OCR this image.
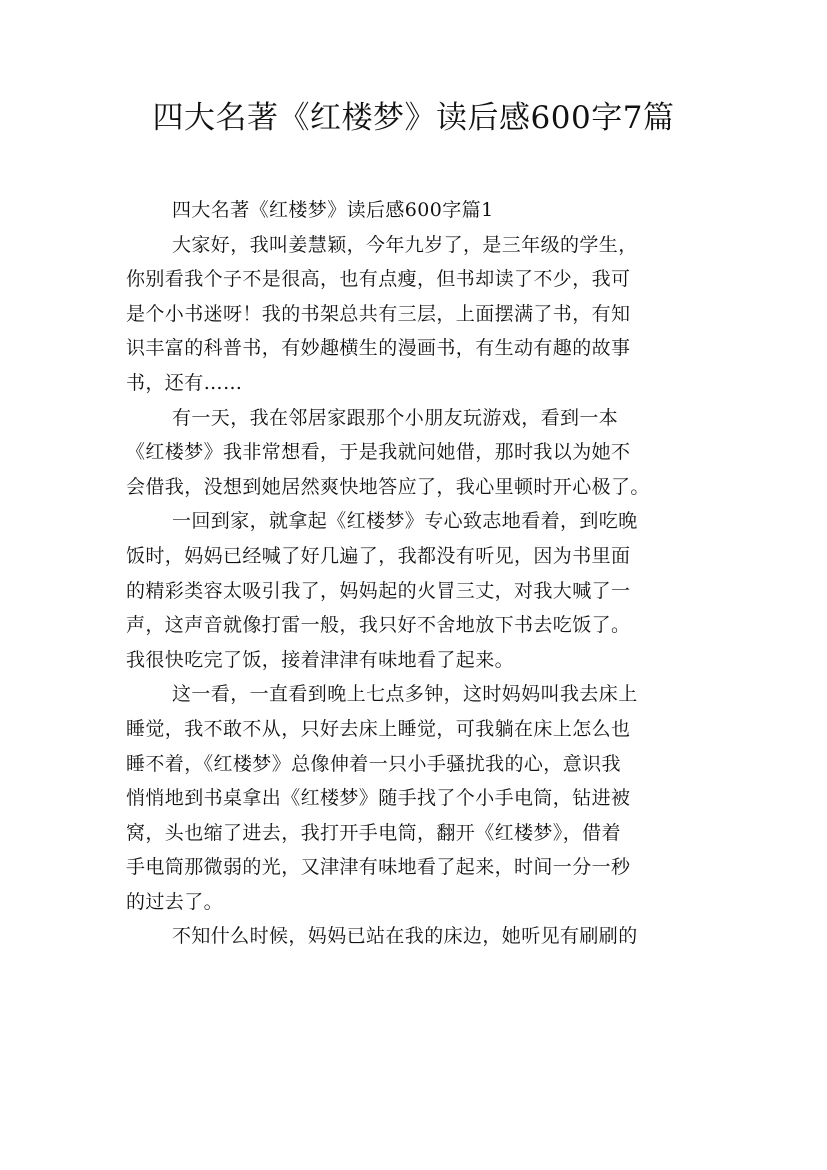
四大名著《红楼梦》读后感600字7篇
四大名著《红楼梦》读后感600字篇1
大家好，我叫姜慧颖，今年九岁了，是三年级的学生，
你别看我个子不是很高，也有点瘦，但书却读了不少，我可
是个小书迷呀！我的书架总共有三层，上面摆满了书，有知
识丰富的科普书，有妙趣横生的漫画书，有生动有趣的故事
书，还有……
有一天，我在邻居家跟那个小朋友玩游戏，看到一本
《红楼梦》我非常想看，于是我就问她借，那时我以为她不
会借我，没想到她居然爽快地答应了，我心里顿时开心极了。
一回到家，就拿起《红楼梦》专心致志地看着，到吃晚
饭时，妈妈已经喊了好几遍了，我都没有听见，因为书里面
的精彩类容太吸引我了，妈妈起的火冒三丈，对我大喊了一
声，这声音就像打雷一般，我只好不舍地放下书去吃饭了。
我很快吃完了饭，接着津津有味地看了起来。
这一看，一直看到晚上七点多钟，这时妈妈叫我去床上
睡觉，我不敢不从，只好去床上睡觉，可我躺在床上怎么也
睡不着，《红楼梦》总像伸着一只小手骚扰我的心，意识我
悄悄地到书桌拿出《红楼梦》随手找了个小手电筒，钻进被
窝，头也缩了进去，我打开手电筒，翻开《红楼梦》，借着
手电筒那微弱的光，又津津有味地看了起来，时间一分一秒
的过去了。
不知什么时候，妈妈已站在我的床边，她听见有刷刷的
